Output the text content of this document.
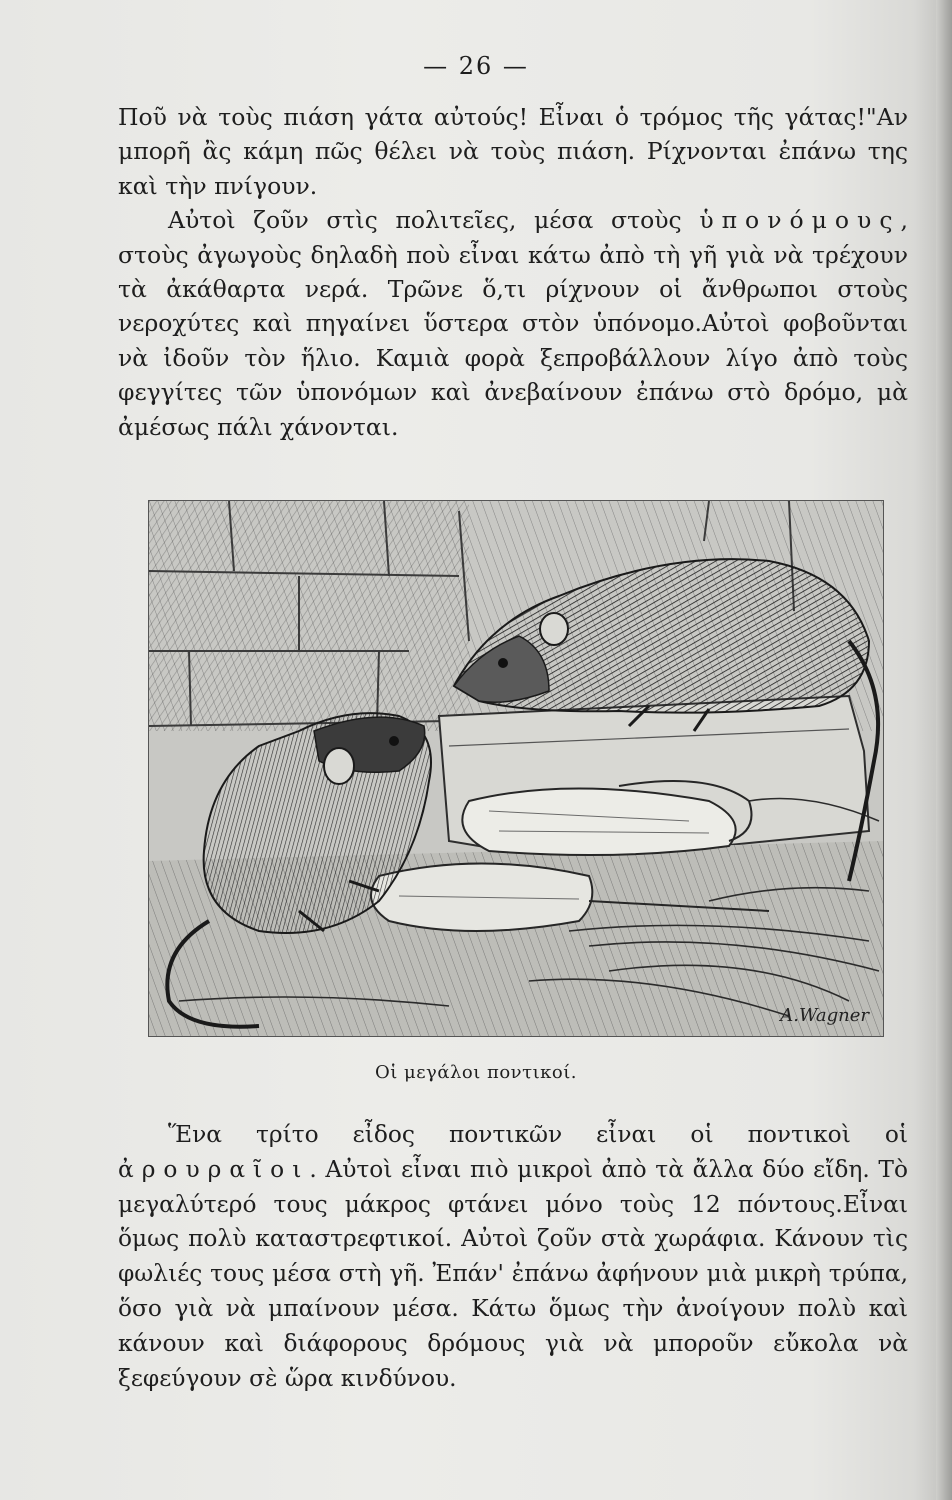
— 26 —

Ποῦ νὰ τοὺς πιάση γάτα αὐτούς! Εἶναι ὁ τρόμος τῆς γάτας!"Αν μπορῆ ἂς κάμη πῶς θέλει νὰ τοὺς πιάση. Ρίχνονται ἐπάνω της καὶ τὴν πνίγουν.

Αὐτοὶ ζοῦν στὶς πολιτεῖες, μέσα στοὺς ὑπονόμους, στοὺς ἀγωγοὺς δηλαδὴ ποὺ εἶναι κάτω ἀπὸ τὴ γῆ γιὰ νὰ τρέχουν τὰ ἀκάθαρτα νερά. Τρῶνε ὅ,τι ρίχνουν οἱ ἄνθρωποι στοὺς νεροχύτες καὶ πηγαίνει ὕστερα στὸν ὑπόνομο.Αὐτοὶ φοβοῦνται νὰ ἰδοῦν τὸν ἥλιο. Καμιὰ φορὰ ξεπροβάλλουν λίγο ἀπὸ τοὺς φεγγίτες τῶν ὑπονόμων καὶ ἀνεβαίνουν ἐπάνω στὸ δρόμο, μὰ ἀμέσως πάλι χάνονται.

A.Wagner
Οἱ μεγάλοι ποντικοί.

Ἕνα τρίτο εἶδος ποντικῶν εἶναι οἱ ποντικοὶ οἱ ἀρουραῖοι. Αὐτοὶ εἶναι πιὸ μικροὶ ἀπὸ τὰ ἄλλα δύο εἴδη. Τὸ μεγαλύτερό τους μάκρος φτάνει μόνο τοὺς 12 πόντους.Εἶναι ὅμως πολὺ καταστρεφτικοί. Αὐτοὶ ζοῦν στὰ χωράφια. Κάνουν τὶς φωλιές τους μέσα στὴ γῆ. Ἐπάν' ἐπάνω ἀφήνουν μιὰ μικρὴ τρύπα, ὅσο γιὰ νὰ μπαίνουν μέσα. Κάτω ὅμως τὴν ἀνοίγουν πολὺ καὶ κάνουν καὶ διάφορους δρόμους γιὰ νὰ μποροῦν εὔκολα νὰ ξεφεύγουν σὲ ὥρα κινδύνου.
